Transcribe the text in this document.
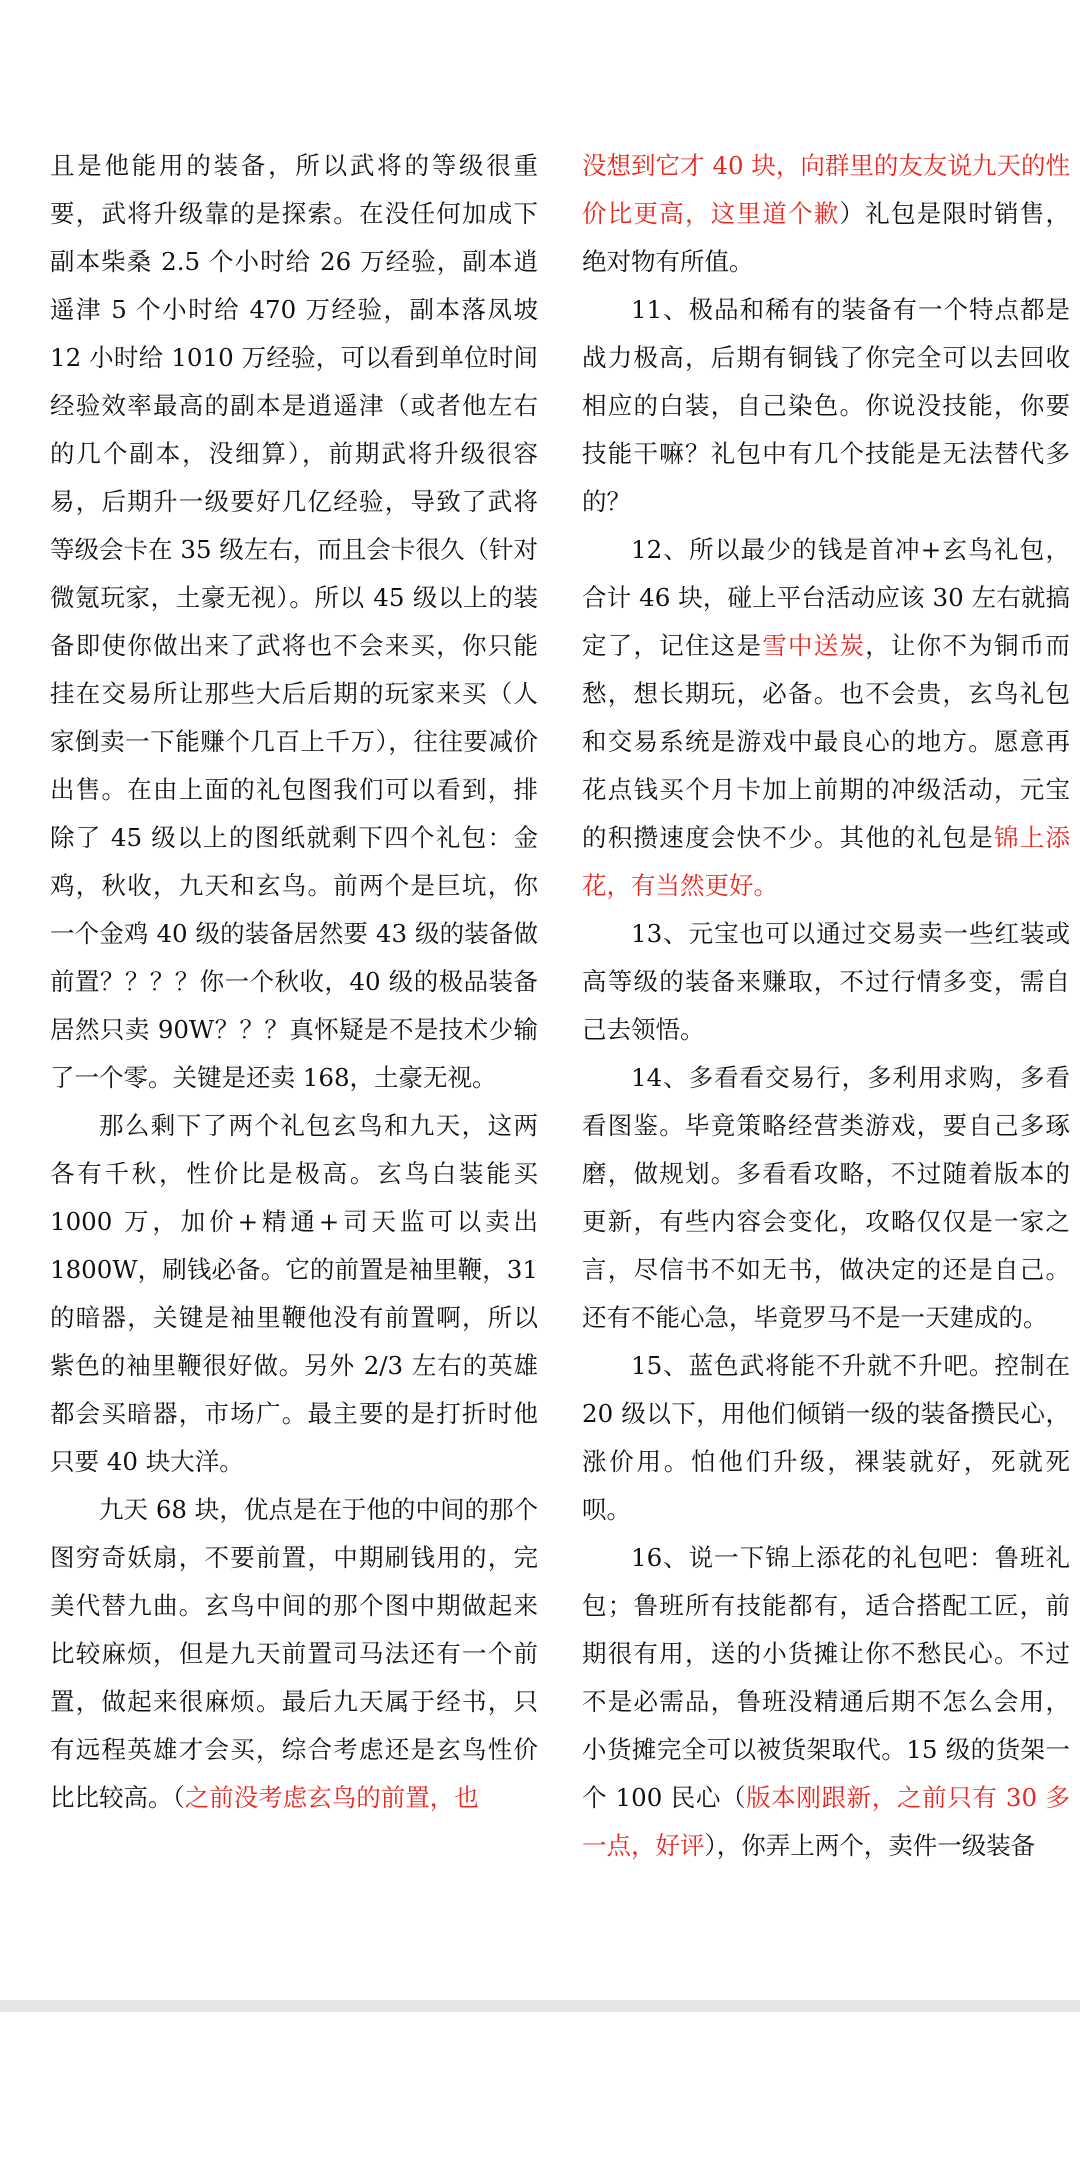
且是他能用的装备，所以武将的等级很重要，武将升级靠的是探索。在没任何加成下副本柴桑 2.5 个小时给 26 万经验，副本逍遥津 5 个小时给 470 万经验，副本落凤坡 12 小时给 1010 万经验，可以看到单位时间经验效率最高的副本是逍遥津（或者他左右的几个副本，没细算），前期武将升级很容易，后期升一级要好几亿经验，导致了武将等级会卡在 35 级左右，而且会卡很久（针对微氪玩家，土豪无视）。所以 45 级以上的装备即使你做出来了武将也不会来买，你只能挂在交易所让那些大后后期的玩家来买（人家倒卖一下能赚个几百上千万），往往要减价出售。在由上面的礼包图我们可以看到，排除了 45 级以上的图纸就剩下四个礼包：金鸡，秋收，九天和玄鸟。前两个是巨坑，你一个金鸡 40 级的装备居然要 43 级的装备做前置？？？？你一个秋收，40 级的极品装备居然只卖 90W？？？真怀疑是不是技术少输了一个零。关键是还卖 168，土豪无视。

那么剩下了两个礼包玄鸟和九天，这两各有千秋，性价比是极高。玄鸟白装能买 1000 万，加价+精通+司天监可以卖出 1800W，刷钱必备。它的前置是袖里鞭，31 的暗器，关键是袖里鞭他没有前置啊，所以紫色的袖里鞭很好做。另外 2/3 左右的英雄都会买暗器，市场广。最主要的是打折时他只要 40 块大洋。

九天 68 块，优点是在于他的中间的那个图穷奇妖扇，不要前置，中期刷钱用的，完美代替九曲。玄鸟中间的那个图中期做起来比较麻烦，但是九天前置司马法还有一个前置，做起来很麻烦。最后九天属于经书，只有远程英雄才会买，综合考虑还是玄鸟性价比比较高。（之前没考虑玄鸟的前置，也

没想到它才 40 块，向群里的友友说九天的性价比更高，这里道个歉）礼包是限时销售，绝对物有所值。

11、极品和稀有的装备有一个特点都是战力极高，后期有铜钱了你完全可以去回收相应的白装，自己染色。你说没技能，你要技能干嘛？礼包中有几个技能是无法替代多的？

12、所以最少的钱是首冲+玄鸟礼包，合计 46 块，碰上平台活动应该 30 左右就搞定了，记住这是雪中送炭，让你不为铜币而愁，想长期玩，必备。也不会贵，玄鸟礼包和交易系统是游戏中最良心的地方。愿意再花点钱买个月卡加上前期的冲级活动，元宝的积攒速度会快不少。其他的礼包是锦上添花，有当然更好。

13、元宝也可以通过交易卖一些红装或高等级的装备来赚取，不过行情多变，需自己去领悟。

14、多看看交易行，多利用求购，多看看图鉴。毕竟策略经营类游戏，要自己多琢磨，做规划。多看看攻略，不过随着版本的更新，有些内容会变化，攻略仅仅是一家之言，尽信书不如无书，做决定的还是自己。还有不能心急，毕竟罗马不是一天建成的。

15、蓝色武将能不升就不升吧。控制在 20 级以下，用他们倾销一级的装备攒民心，涨价用。怕他们升级，裸装就好，死就死呗。

16、说一下锦上添花的礼包吧：鲁班礼包；鲁班所有技能都有，适合搭配工匠，前期很有用，送的小货摊让你不愁民心。不过不是必需品，鲁班没精通后期不怎么会用，小货摊完全可以被货架取代。15 级的货架一个 100 民心（版本刚跟新，之前只有 30 多一点，好评），你弄上两个，卖件一级装备
